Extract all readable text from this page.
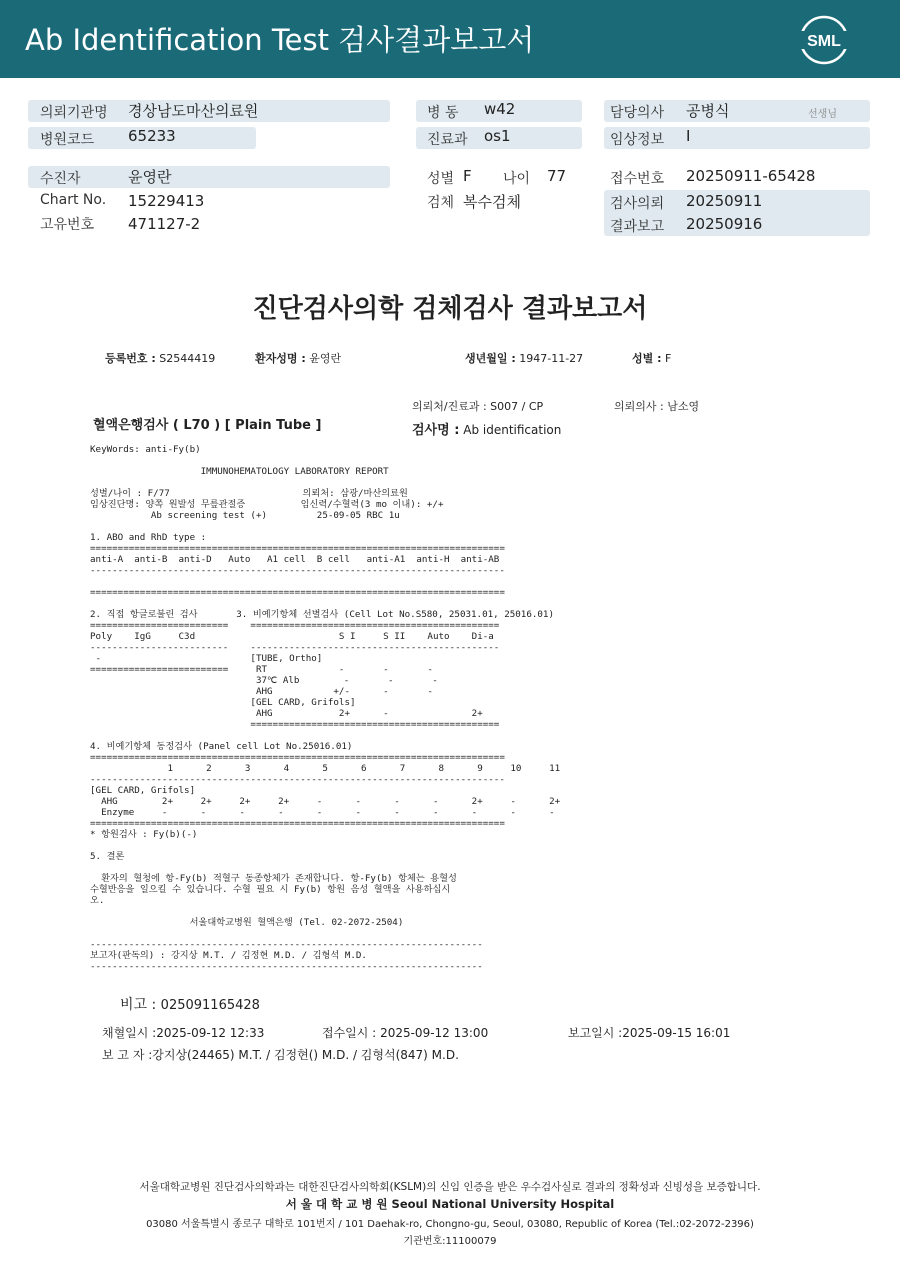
Ab Identification Test 검사결과보고서	SML
의뢰기관명 경상남도마산의료원
병원코드 65233
병 동 w42
진료과 os1
담당의사 공병식	선생님
임상정보 I
수진자	윤영란
Chart No. 15229413
고유번호 471127-2
성별 F 나이 77
검체 복수검체
접수번호 20250911-65428
검사의뢰 20250911
결과보고 20250916
진단검사의학 검체검사 결과보고서
등록번호 : S2544419	환자성명 : 윤영란	생년월일 : 1947-11-27	성별 : F
의뢰처/진료과 : S007 / CP	의뢰의사 : 남소영
혈액은행검사 ( L70 ) [ Plain Tube ]	검사명 : Ab identification
KeyWords: anti-Fy(b)

IMMUNOHEMATOLOGY LABORATORY REPORT

성별/나이 : F/77                        의뢰처: 삼광/마산의료원
임상진단명: 양쪽 원발성 무릎관절증          임신력/수혈력(3 mo 이내): +/+
Ab screening test (+)         25-09-05 RBC 1u

1. ABO and RhD type :
===========================================================================
anti-A  anti-B  anti-D   Auto   A1 cell  B cell   anti-A1  anti-H  anti-AB
---------------------------------------------------------------------------

===========================================================================

2. 직접 항글로불린 검사       3. 비예기항체 선별검사 (Cell Lot No.S580, 25031.01, 25016.01)
=========================    =============================================
Poly    IgG     C3d                          S I     S II    Auto    Di-a
-------------------------    ---------------------------------------------
-                           [TUBE, Ortho]
=========================     RT             -       -       -
37℃ Alb        -       -       -
AHG           +/-      -       -
[GEL CARD, Grifols]
AHG            2+      -               2+
=============================================

4. 비예기항체 동정검사 (Panel cell Lot No.25016.01)
===========================================================================
1      2      3      4      5      6      7      8      9     10     11
---------------------------------------------------------------------------
[GEL CARD, Grifols]
AHG        2+     2+     2+     2+     -      -      -      -      2+     -      2+
Enzyme     -      -      -      -      -      -      -      -      -      -      -
===========================================================================
* 항원검사 : Fy(b)(-)

5. 결론

환자의 혈청에 항-Fy(b) 적혈구 동종항체가 존재합니다. 항-Fy(b) 항체는 용혈성
수혈반응을 일으킬 수 있습니다. 수혈 필요 시 Fy(b) 항원 음성 혈액을 사용하십시
오.

서울대학교병원 혈액은행 (Tel. 02-2072-2504)

-----------------------------------------------------------------------
보고자(판독의) : 강지상 M.T. / 김정현 M.D. / 김형석 M.D.
-----------------------------------------------------------------------
비고 : 025091165428
채혈일시 :2025-09-12 12:33	접수일시 : 2025-09-12 13:00	보고일시 :2025-09-15 16:01
보 고 자 :강지상(24465) M.T. / 김정현() M.D. / 김형석(847) M.D.
서울대학교병원 진단검사의학과는 대한진단검사의학회(KSLM)의 신임 인증을 받은 우수검사실로 결과의 정확성과 신빙성을 보증합니다.
서 울 대 학 교 병 원 Seoul National University Hospital
03080 서울특별시 종로구 대학로 101번지 / 101 Daehak-ro, Chongno-gu, Seoul, 03080, Republic of Korea (Tel.:02-2072-2396)
기관번호:11100079
